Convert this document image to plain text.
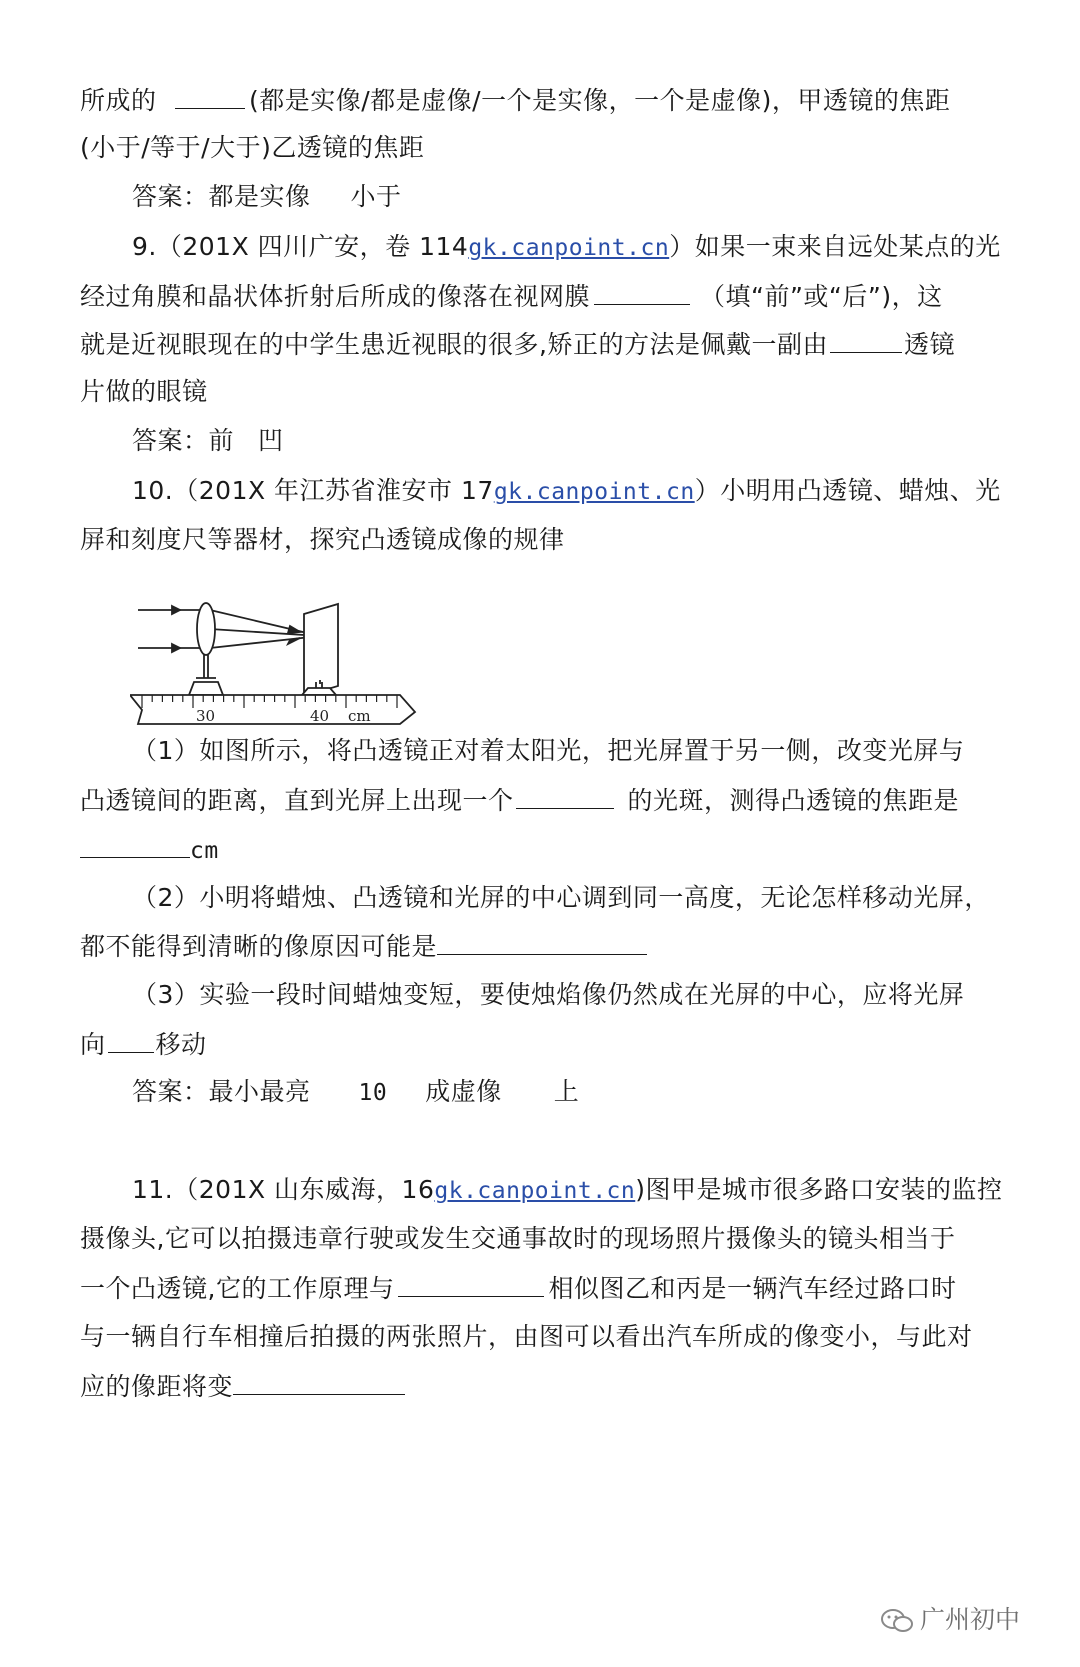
所成的	(都是实像/都是虚像/一个是实像，一个是虚像)，甲透镜的焦距
(小于/等于/大于)乙透镜的焦距
答案：都是实像 小于
9.（201X 四川广安，卷 114gk.canpoint.cn）如果一束来自远处某点的光
经过角膜和晶状体折射后所成的像落在视网膜	（填“前”或“后”)，这
就是近视眼现在的中学生患近视眼的很多,矫正的方法是佩戴一副由	透镜
片做的眼镜
答案：前 凹
10.（201X 年江苏省淮安市 17gk.canpoint.cn）小明用凸透镜、蜡烛、光
屏和刻度尺等器材，探究凸透镜成像的规律
30	40 cm
（1）如图所示，将凸透镜正对着太阳光，把光屏置于另一侧，改变光屏与
凸透镜间的距离，直到光屏上出现一个	的光斑，测得凸透镜的焦距是
cm
（2）小明将蜡烛、凸透镜和光屏的中心调到同一高度，无论怎样移动光屏，
都不能得到清晰的像原因可能是
（3）实验一段时间蜡烛变短，要使烛焰像仍然成在光屏的中心，应将光屏
向 移动
答案：最小最亮 10 成虚像 上
11.（201X 山东威海，16gk.canpoint.cn)图甲是城市很多路口安装的监控
摄像头,它可以拍摄违章行驶或发生交通事故时的现场照片摄像头的镜头相当于
一个凸透镜,它的工作原理与	相似图乙和丙是一辆汽车经过路口时
与一辆自行车相撞后拍摄的两张照片，由图可以看出汽车所成的像变小，与此对
应的像距将变
广州初中
